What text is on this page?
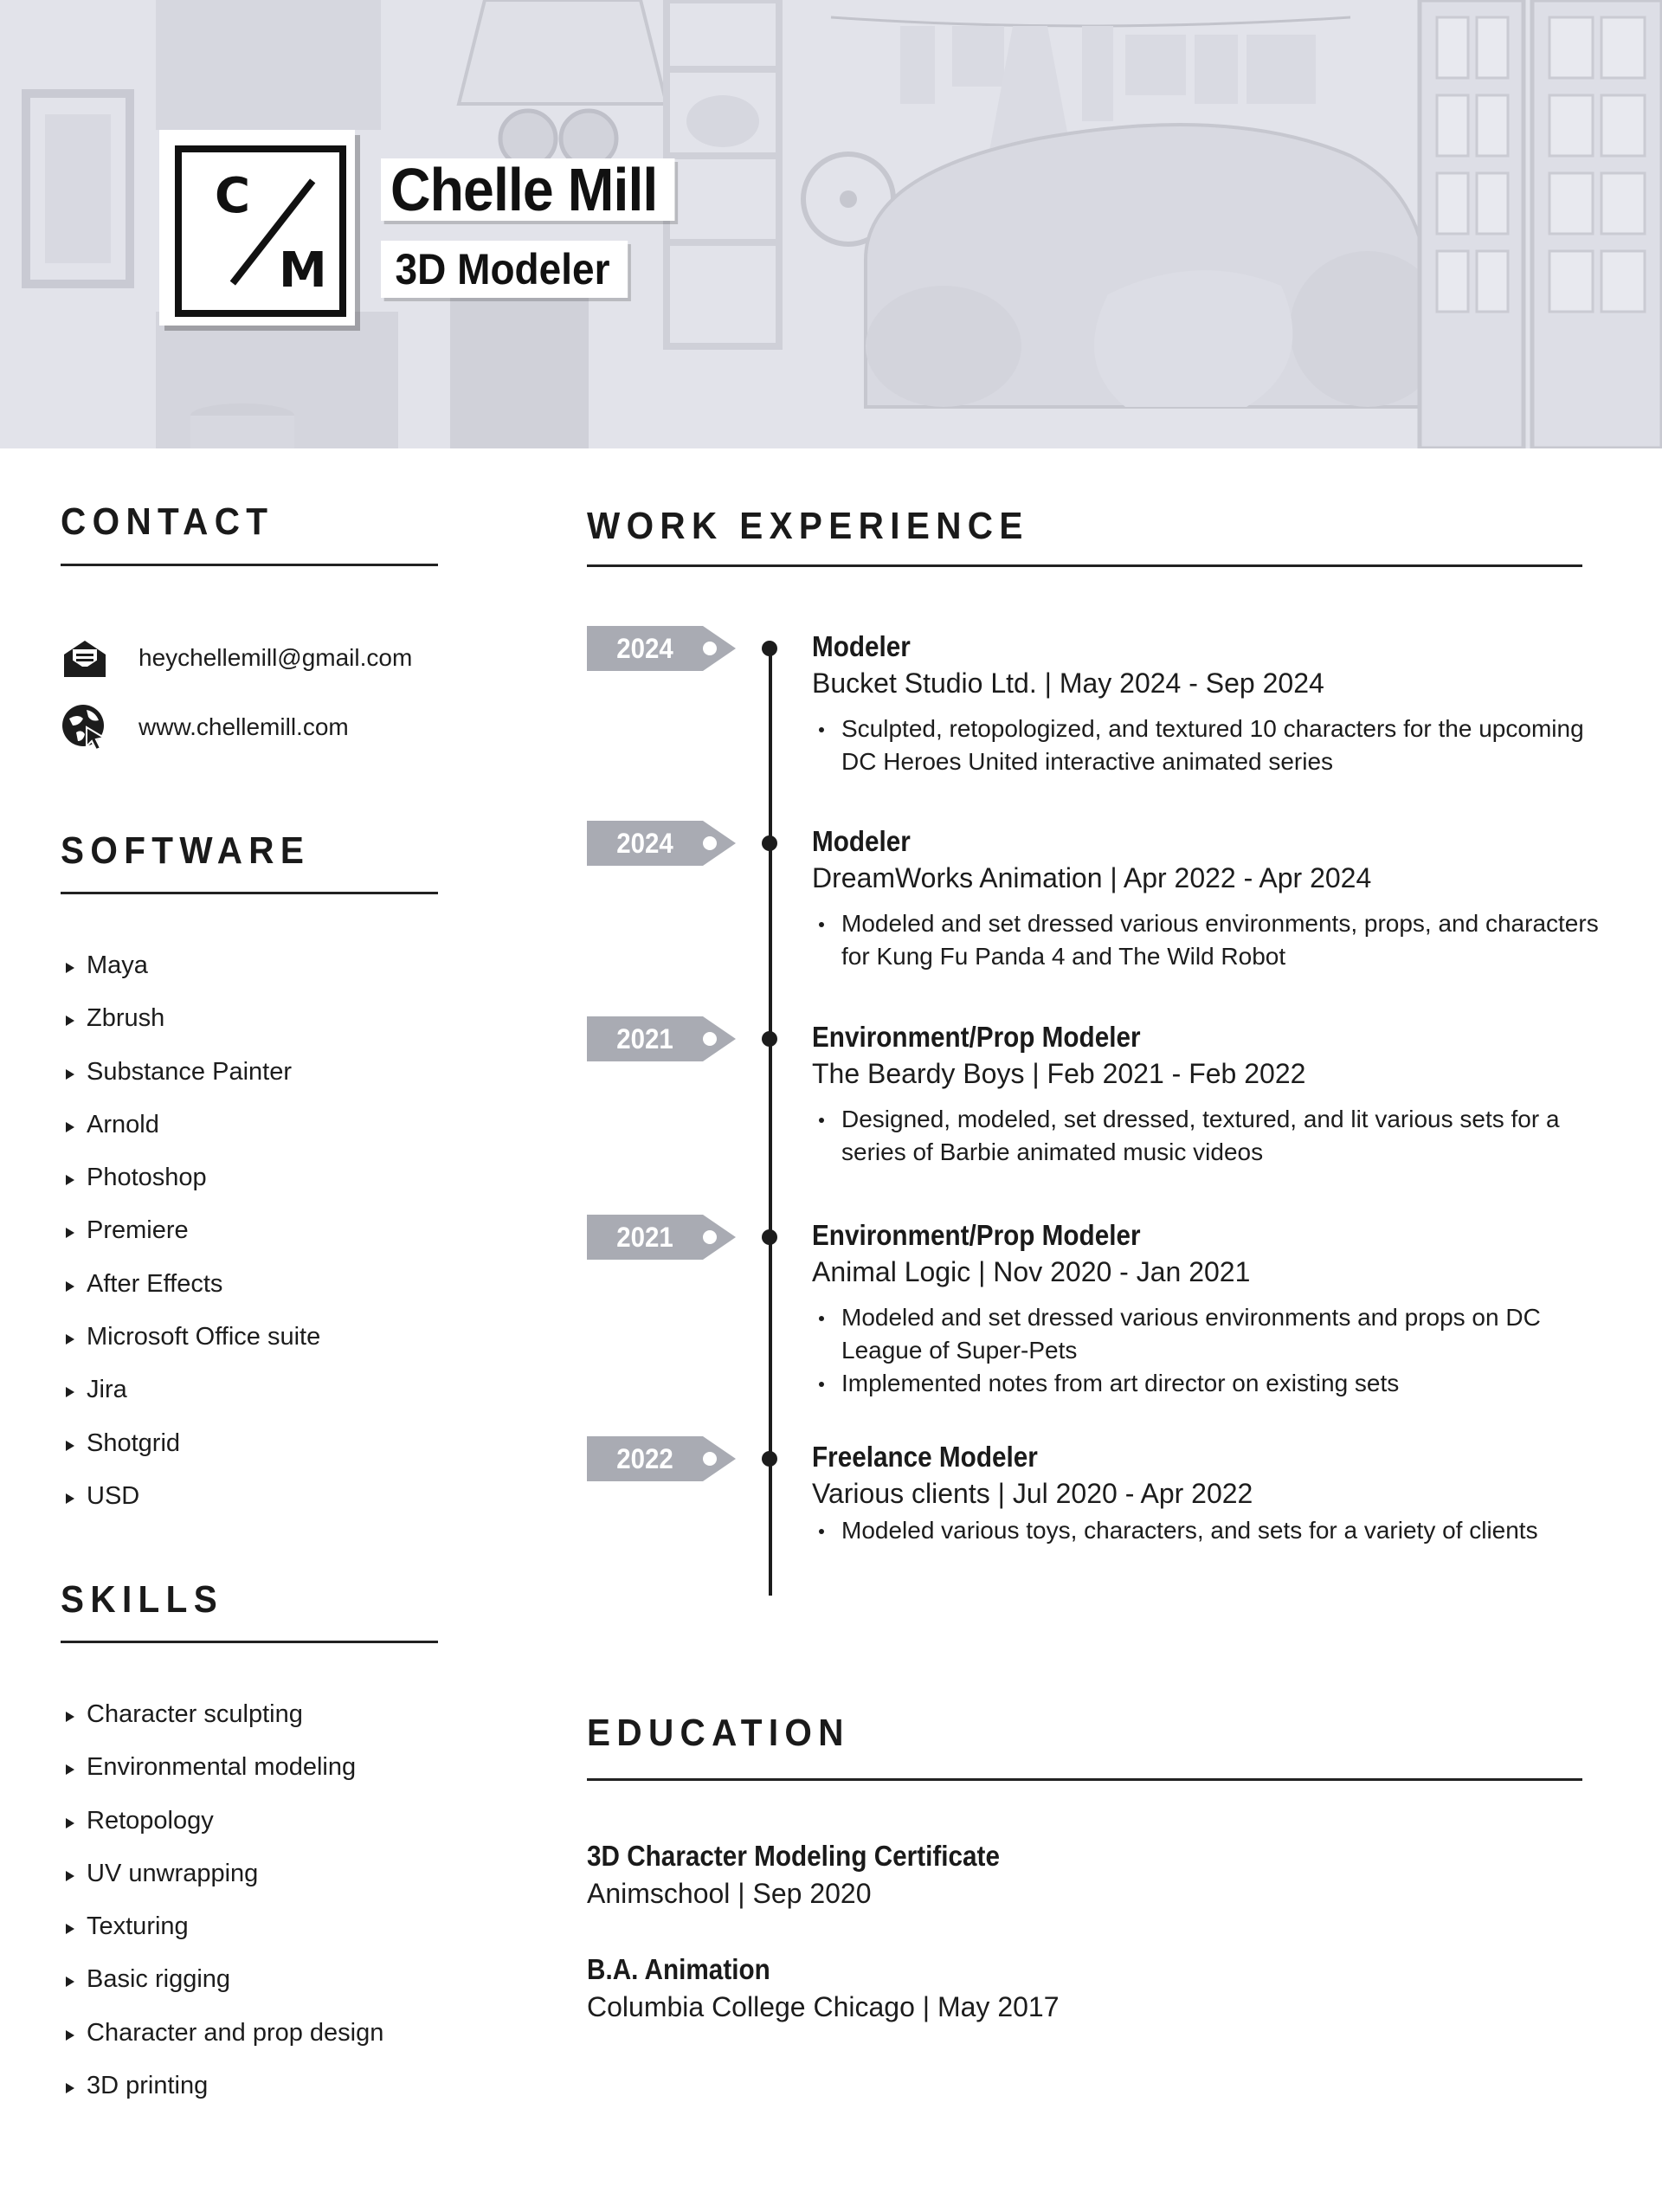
C
M
Chelle Mill
3D Modeler
CONTACT
heychellemill@gmail.com
www.chellemill.com
SOFTWARE
Maya
Zbrush
Substance Painter
Arnold
Photoshop
Premiere
After Effects
Microsoft Office suite
Jira
Shotgrid
USD
SKILLS
Character sculpting
Environmental modeling
Retopology
UV unwrapping
Texturing
Basic rigging
Character and prop design
3D printing
WORK EXPERIENCE
2024	Modeler
Bucket Studio Ltd. | May 2024 - Sep 2024
Sculpted, retopologized, and textured 10 characters for the upcoming DC Heroes United interactive animated series
2024	Modeler
DreamWorks Animation | Apr 2022 - Apr 2024
Modeled and set dressed various environments, props, and characters for Kung Fu Panda 4 and The Wild Robot
2021	Environment/Prop Modeler
The Beardy Boys | Feb 2021 - Feb 2022
Designed, modeled, set dressed, textured, and lit various sets for a series of Barbie animated music videos
2021	Environment/Prop Modeler
Animal Logic | Nov 2020 - Jan 2021
Modeled and set dressed various environments and props on DC League of Super-Pets
Implemented notes from art director on existing sets
2022	Freelance Modeler
Various clients | Jul 2020 - Apr 2022
Modeled various toys, characters, and sets for a variety of clients
EDUCATION
3D Character Modeling Certificate
Animschool | Sep 2020
B.A. Animation
Columbia College Chicago | May 2017
